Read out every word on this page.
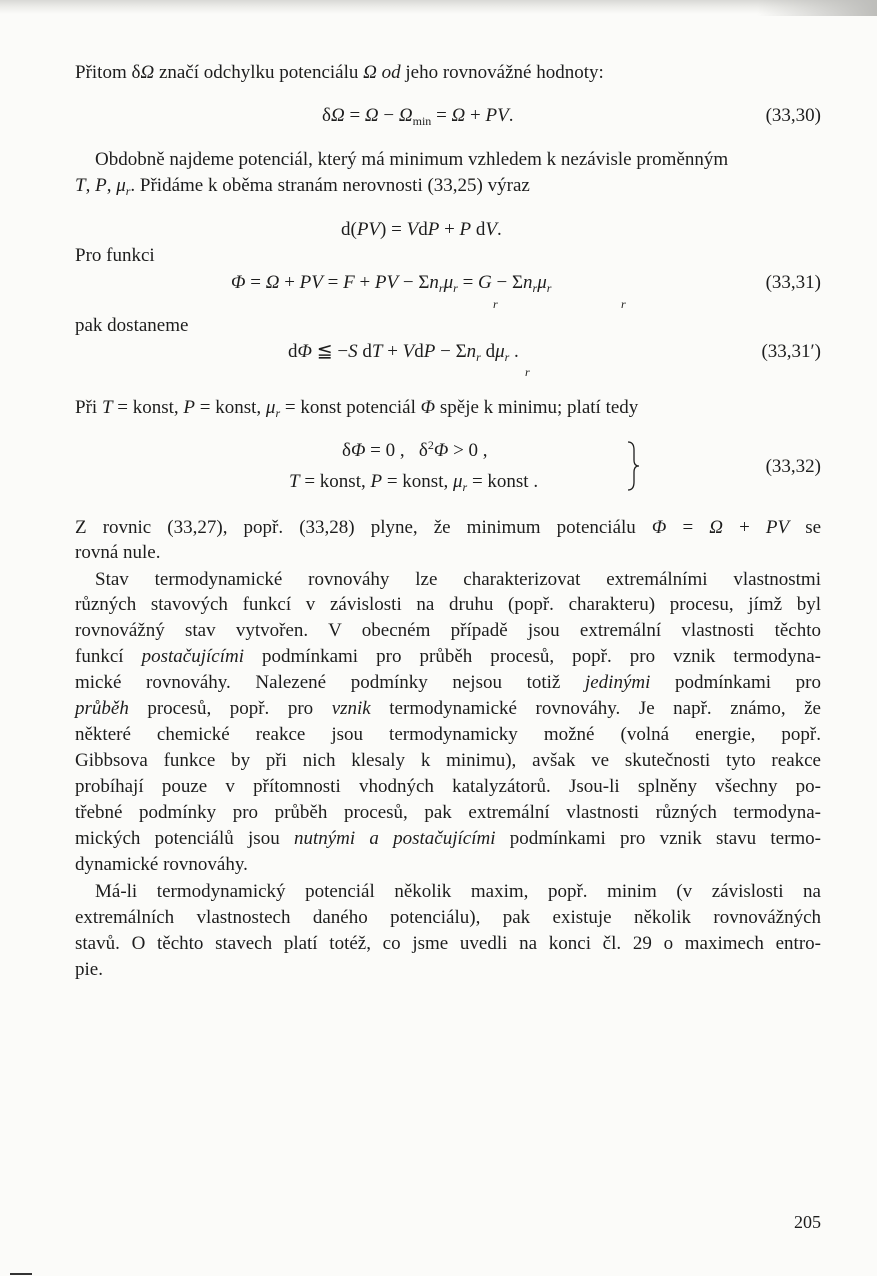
Přitom δΩ značí odchylku potenciálu Ω od jeho rovnovážné hodnoty:
$\delta\Omega = \Omega - \Omega_{min} = \Omega$ + PV.	(33,30)
Obdobně najdeme potenciál, který má minimum vzhledem k nezávisle proměnným
T, P, $\mu_r$. Přidáme k oběma stranám nerovnosti (33,25) výraz
d(PV) = VdP + P dV.
Pro funkci
Φ = Ω + PV = F + PV − $\Sigma n_r\mu_r = G - \Sigma n_r\mu_r$
r	r
(33,31)
pak dostaneme
dΦ ≦ −S dT + VdP − $\Sigma n_r$ $d\mu_r$ .
r
(33,31′)
Při T = konst, P = konst, $\mu_r$ = konst potenciál Φ spěje k minimu; platí tedy
δΦ = 0 ,   $\delta^2\Phi > 0$ ,
T = konst, P = konst, $\mu_r$ = konst .
(33,32)
Z rovnic (33,27), popř. (33,28) plyne, že minimum potenciálu Φ = Ω + PV se
rovná nule.
Stav termodynamické rovnováhy lze charakterizovat extremálními vlastnostmi
různých stavových funkcí v závislosti na druhu (popř. charakteru) procesu, jímž byl
rovnovážný stav vytvořen. V obecném případě jsou extremální vlastnosti těchto
funkcí postačujícími podmínkami pro průběh procesů, popř. pro vznik termodyna-
mické rovnováhy. Nalezené podmínky nejsou totiž jedinými podmínkami pro
průběh procesů, popř. pro vznik termodynamické rovnováhy. Je např. známo, že
některé chemické reakce jsou termodynamicky možné (volná energie, popř.
Gibbsova funkce by při nich klesaly k minimu), avšak ve skutečnosti tyto reakce
probíhají pouze v přítomnosti vhodných katalyzátorů. Jsou-li splněny všechny po-
třebné podmínky pro průběh procesů, pak extremální vlastnosti různých termodyna-
mických potenciálů jsou nutnými a postačujícími podmínkami pro vznik stavu termo-
dynamické rovnováhy.
Má-li termodynamický potenciál několik maxim, popř. minim (v závislosti na
extremálních vlastnostech daného potenciálu), pak existuje několik rovnovážných
stavů. O těchto stavech platí totéž, co jsme uvedli na konci čl. 29 o maximech entro-
pie.
205
